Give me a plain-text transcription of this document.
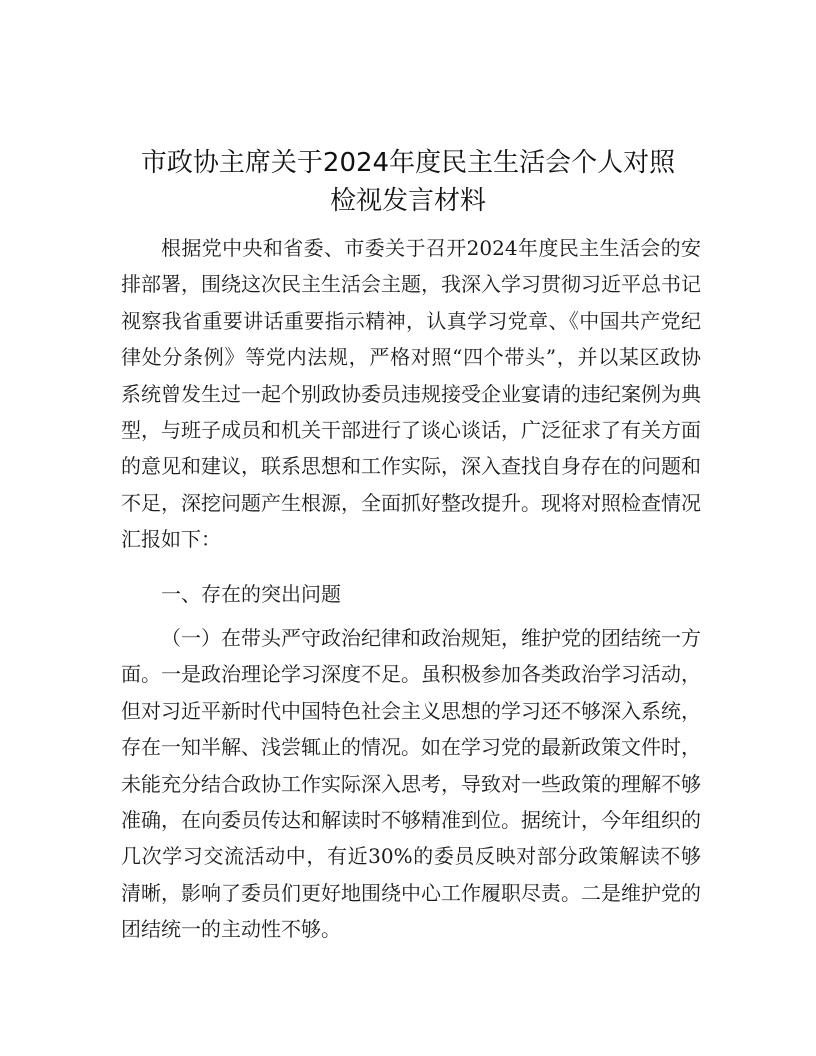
市政协主席关于2024年度民主生活会个人对照
检视发言材料
根据党中央和省委、市委关于召开2024年度民主生活会的安排部署，围绕这次民主生活会主题，我深入学习贯彻习近平总书记视察我省重要讲话重要指示精神，认真学习党章、《中国共产党纪律处分条例》等党内法规，严格对照“四个带头”，并以某区政协系统曾发生过一起个别政协委员违规接受企业宴请的违纪案例为典型，与班子成员和机关干部进行了谈心谈话，广泛征求了有关方面的意见和建议，联系思想和工作实际，深入查找自身存在的问题和不足，深挖问题产生根源，全面抓好整改提升。现将对照检查情况汇报如下：
一、存在的突出问题
（一）在带头严守政治纪律和政治规矩，维护党的团结统一方面。一是政治理论学习深度不足。虽积极参加各类政治学习活动，但对习近平新时代中国特色社会主义思想的学习还不够深入系统，存在一知半解、浅尝辄止的情况。如在学习党的最新政策文件时，未能充分结合政协工作实际深入思考，导致对一些政策的理解不够准确，在向委员传达和解读时不够精准到位。据统计，今年组织的几次学习交流活动中，有近30%的委员反映对部分政策解读不够清晰，影响了委员们更好地围绕中心工作履职尽责。二是维护党的团结统一的主动性不够。
